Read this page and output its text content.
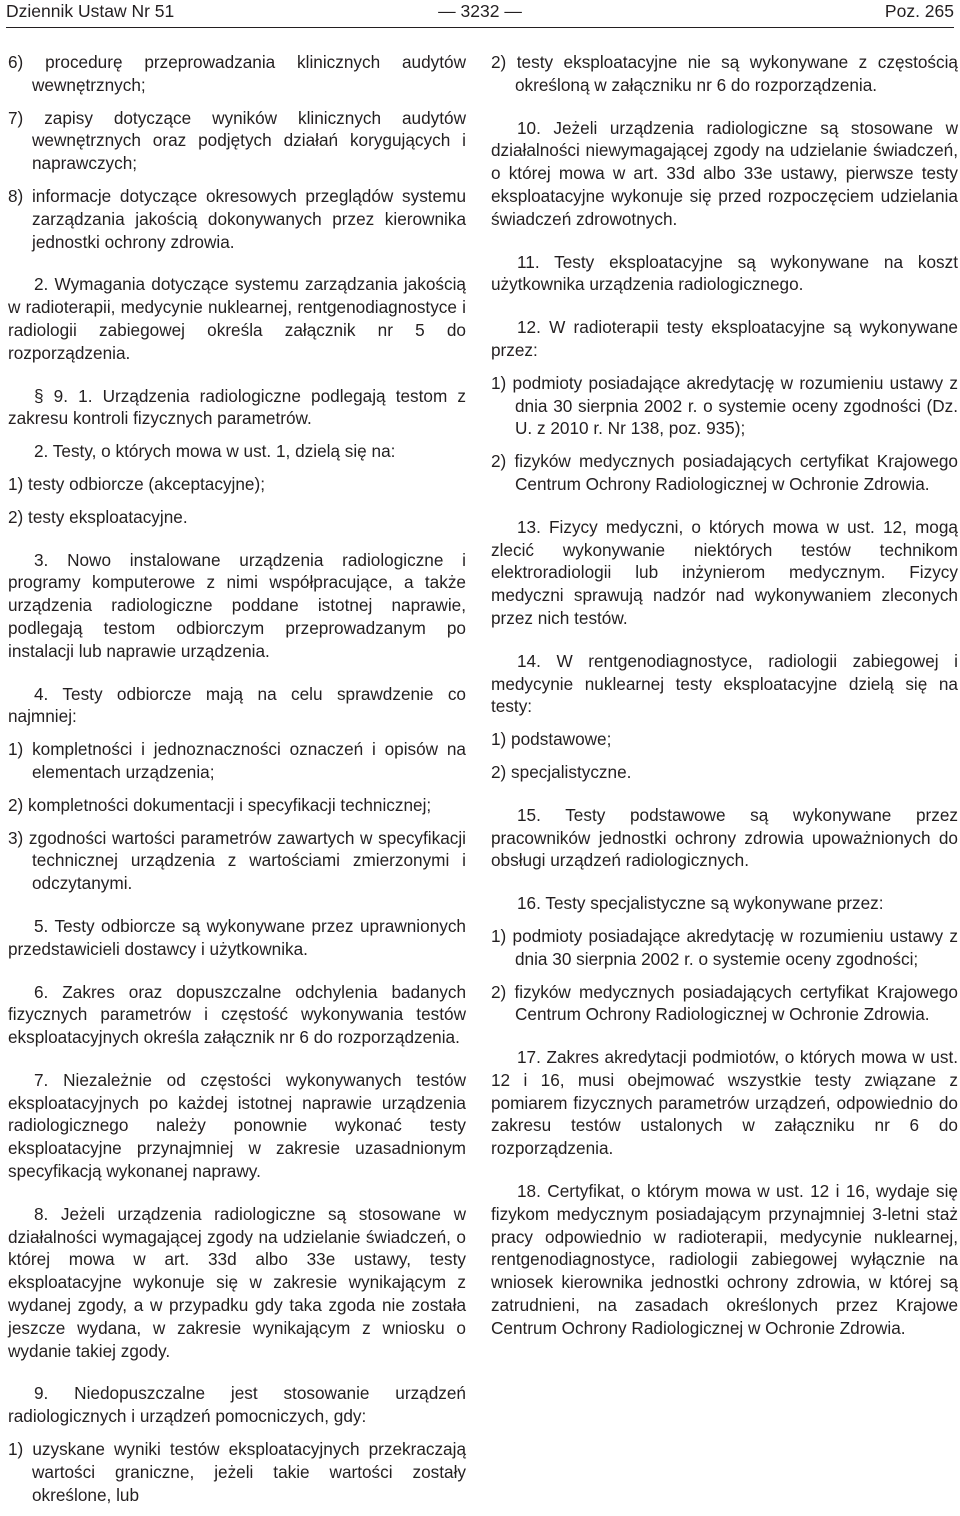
Dziennik Ustaw Nr 51	— 3232 —	Poz. 265

6) procedurę przeprowadzania klinicznych audytów wewnętrznych;

7) zapisy dotyczące wyników klinicznych audytów wewnętrznych oraz podjętych działań korygujących i naprawczych;

8) informacje dotyczące okresowych przeglądów systemu zarządzania jakością dokonywanych przez kierownika jednostki ochrony zdrowia.

2. Wymagania dotyczące systemu zarządzania jakością w radioterapii, medycynie nuklearnej, rentgenodiagnostyce i radiologii zabiegowej określa załącznik nr 5 do rozporządzenia.

§ 9. 1. Urządzenia radiologiczne podlegają testom z zakresu kontroli fizycznych parametrów.

2. Testy, o których mowa w ust. 1, dzielą się na:

1) testy odbiorcze (akceptacyjne);

2) testy eksploatacyjne.

3. Nowo instalowane urządzenia radiologiczne i programy komputerowe z nimi współpracujące, a także urządzenia radiologiczne poddane istotnej naprawie, podlegają testom odbiorczym przeprowadzanym po instalacji lub naprawie urządzenia.

4. Testy odbiorcze mają na celu sprawdzenie co najmniej:

1) kompletności i jednoznaczności oznaczeń i opisów na elementach urządzenia;

2) kompletności dokumentacji i specyfikacji technicznej;

3) zgodności wartości parametrów zawartych w specyfikacji technicznej urządzenia z wartościami zmierzonymi i odczytanymi.

5. Testy odbiorcze są wykonywane przez uprawnionych przedstawicieli dostawcy i użytkownika.

6. Zakres oraz dopuszczalne odchylenia badanych fizycznych parametrów i częstość wykonywania testów eksploatacyjnych określa załącznik nr 6 do rozporządzenia.

7. Niezależnie od częstości wykonywanych testów eksploatacyjnych po każdej istotnej naprawie urządzenia radiologicznego należy ponownie wykonać testy eksploatacyjne przynajmniej w zakresie uzasadnionym specyfikacją wykonanej naprawy.

8. Jeżeli urządzenia radiologiczne są stosowane w działalności wymagającej zgody na udzielanie świadczeń, o której mowa w art. 33d albo 33e ustawy, testy eksploatacyjne wykonuje się w zakresie wynikającym z wydanej zgody, a w przypadku gdy taka zgoda nie została jeszcze wydana, w zakresie wynikającym z wniosku o wydanie takiej zgody.

9. Niedopuszczalne jest stosowanie urządzeń radiologicznych i urządzeń pomocniczych, gdy:

1) uzyskane wyniki testów eksploatacyjnych przekraczają wartości graniczne, jeżeli takie wartości zostały określone, lub

2) testy eksploatacyjne nie są wykonywane z częstością określoną w załączniku nr 6 do rozporządzenia.

10. Jeżeli urządzenia radiologiczne są stosowane w działalności niewymagającej zgody na udzielanie świadczeń, o której mowa w art. 33d albo 33e ustawy, pierwsze testy eksploatacyjne wykonuje się przed rozpoczęciem udzielania świadczeń zdrowotnych.

11. Testy eksploatacyjne są wykonywane na koszt użytkownika urządzenia radiologicznego.

12. W radioterapii testy eksploatacyjne są wykonywane przez:

1) podmioty posiadające akredytację w rozumieniu ustawy z dnia 30 sierpnia 2002 r. o systemie oceny zgodności (Dz. U. z 2010 r. Nr 138, poz. 935);

2) fizyków medycznych posiadających certyfikat Krajowego Centrum Ochrony Radiologicznej w Ochronie Zdrowia.

13. Fizycy medyczni, o których mowa w ust. 12, mogą zlecić wykonywanie niektórych testów technikom elektroradiologii lub inżynierom medycznym. Fizycy medyczni sprawują nadzór nad wykonywaniem zleconych przez nich testów.

14. W rentgenodiagnostyce, radiologii zabiegowej i medycynie nuklearnej testy eksploatacyjne dzielą się na testy:

1) podstawowe;

2) specjalistyczne.

15. Testy podstawowe są wykonywane przez pracowników jednostki ochrony zdrowia upoważnionych do obsługi urządzeń radiologicznych.

16. Testy specjalistyczne są wykonywane przez:

1) podmioty posiadające akredytację w rozumieniu ustawy z dnia 30 sierpnia 2002 r. o systemie oceny zgodności;

2) fizyków medycznych posiadających certyfikat Krajowego Centrum Ochrony Radiologicznej w Ochronie Zdrowia.

17. Zakres akredytacji podmiotów, o których mowa w ust. 12 i 16, musi obejmować wszystkie testy związane z pomiarem fizycznych parametrów urządzeń, odpowiednio do zakresu testów ustalonych w załączniku nr 6 do rozporządzenia.

18. Certyfikat, o którym mowa w ust. 12 i 16, wydaje się fizykom medycznym posiadającym przynajmniej 3-letni staż pracy odpowiednio w radioterapii, medycynie nuklearnej, rentgenodiagnostyce, radiologii zabiegowej wyłącznie na wniosek kierownika jednostki ochrony zdrowia, w której są zatrudnieni, na zasadach określonych przez Krajowe Centrum Ochrony Radiologicznej w Ochronie Zdrowia.
